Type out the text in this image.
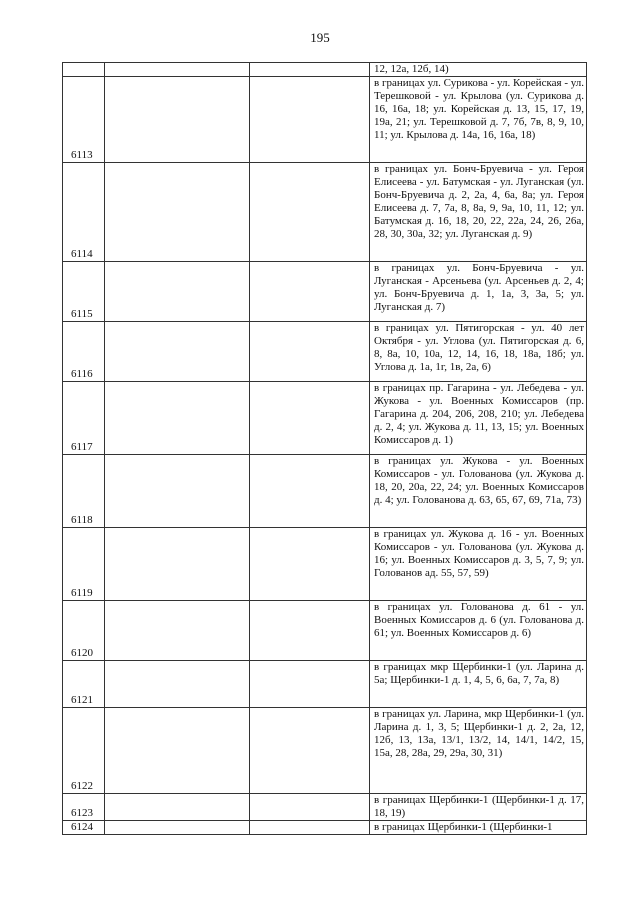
195
			12, 12а, 12б, 14)
6113			в границах ул. Сурикова - ул. Корейская - ул. Терешковой - ул. Крылова (ул. Сурикова д. 16, 16а, 18; ул. Корейская д. 13, 15, 17, 19, 19а, 21; ул. Терешковой д. 7, 7б, 7в, 8, 9, 10, 11; ул. Крылова д. 14а, 16, 16а, 18)
6114			в границах ул. Бонч-Бруевича - ул. Героя Елисеева - ул. Батумская - ул. Луганская (ул. Бонч-Бруевича д. 2, 2а, 4, 6а, 8а; ул. Героя Елисеева д. 7, 7а, 8, 8а, 9, 9а, 10, 11, 12; ул. Батумская д. 16, 18, 20, 22, 22а, 24, 26, 26а, 28, 30, 30а, 32; ул. Луганская д. 9)
6115			в границах ул. Бонч-Бруевича - ул. Луганская - Арсеньева (ул. Арсеньев д. 2, 4; ул. Бонч-Бруевича д. 1, 1а, 3, 3а, 5; ул. Луганская д. 7)
6116			в границах ул. Пятигорская - ул. 40 лет Октября - ул. Углова (ул. Пятигорская д. 6, 8, 8а, 10, 10а, 12, 14, 16, 18, 18а, 18б; ул. Углова д. 1а, 1г, 1в, 2а, 6)
6117			в границах пр. Гагарина - ул. Лебедева - ул. Жукова - ул. Военных Комиссаров (пр. Гагарина д. 204, 206, 208, 210; ул. Лебедева д. 2, 4; ул. Жукова д. 11, 13, 15; ул. Военных Комиссаров д. 1)
6118			в границах ул. Жукова - ул. Военных Комиссаров - ул. Голованова (ул. Жукова д. 18, 20, 20а, 22, 24; ул. Военных Комиссаров д. 4; ул. Голованова д. 63, 65, 67, 69, 71а, 73)
6119			в границах ул. Жукова д. 16 - ул. Военных Комиссаров - ул. Голованова (ул. Жукова д. 16; ул. Военных Комиссаров д. 3, 5, 7, 9; ул. Голованов ад. 55, 57, 59)
6120			в границах ул. Голованова д. 61 - ул. Военных Комиссаров д. 6 (ул. Голованова д. 61; ул. Военных Комиссаров д. 6)
6121			в границах мкр Щербинки-1 (ул. Ларина д. 5а; Щербинки-1 д. 1, 4, 5, 6, 6а, 7, 7а, 8)
6122			в границах ул. Ларина, мкр Щербинки-1 (ул. Ларина д. 1, 3, 5; Щербинки-1 д. 2, 2а, 12, 12б, 13, 13а, 13/1, 13/2, 14, 14/1, 14/2, 15, 15а, 28, 28а, 29, 29а, 30, 31)
6123			в границах Щербинки-1 (Щербинки-1 д. 17, 18, 19)
6124			в границах Щербинки-1 (Щербинки-1
